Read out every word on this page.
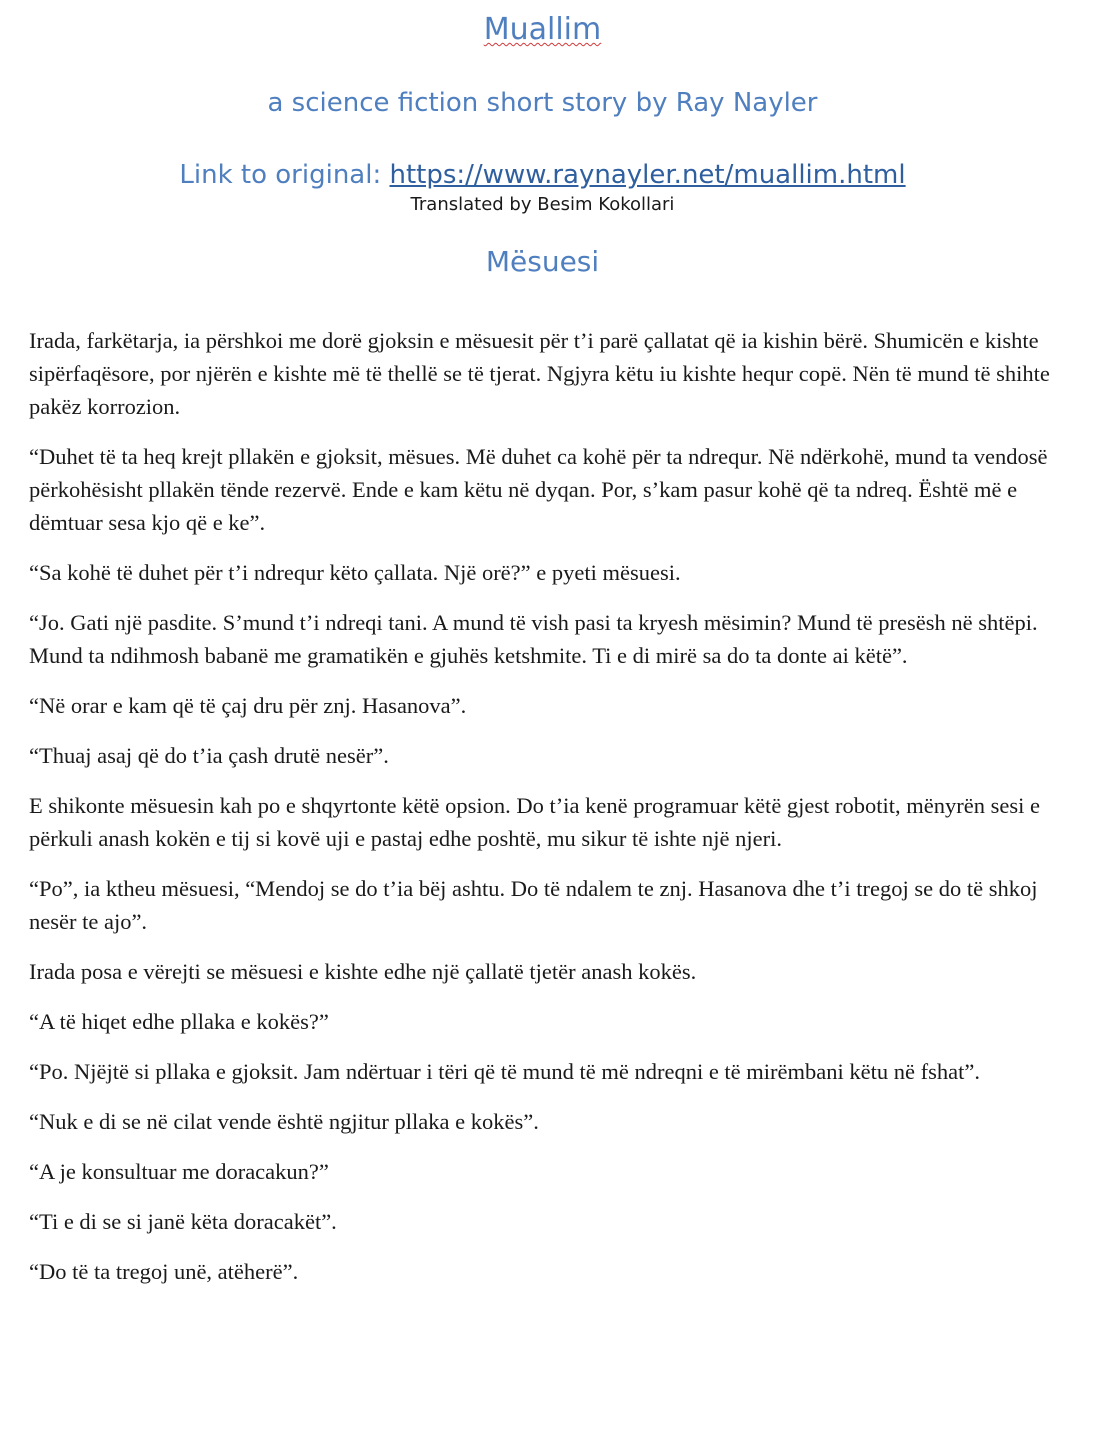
Muallim
a science fiction short story by Ray Nayler
Link to original: https://www.raynayler.net/muallim.html
Translated by Besim Kokollari
Mësuesi

Irada, farkëtarja, ia përshkoi me dorë gjoksin e mësuesit për t’i parë çallatat që ia kishin bërë. Shumicën e kishte sipërfaqësore, por njërën e kishte më të thellë se të tjerat. Ngjyra këtu iu kishte hequr copë. Nën të mund të shihte pakëz korrozion.

“Duhet të ta heq krejt pllakën e gjoksit, mësues. Më duhet ca kohë për ta ndrequr. Në ndërkohë, mund ta vendosë përkohësisht pllakën tënde rezervë. Ende e kam këtu në dyqan. Por, s’kam pasur kohë që ta ndreq. Është më e dëmtuar sesa kjo që e ke”.

“Sa kohë të duhet për t’i ndrequr këto çallata. Një orë?” e pyeti mësuesi.

“Jo. Gati një pasdite. S’mund t’i ndreqi tani. A mund të vish pasi ta kryesh mësimin? Mund të presësh në shtëpi. Mund ta ndihmosh babanë me gramatikën e gjuhës ketshmite. Ti e di mirë sa do ta donte ai këtë”.

“Në orar e kam që të çaj dru për znj. Hasanova”.

“Thuaj asaj që do t’ia çash drutë nesër”.

E shikonte mësuesin kah po e shqyrtonte këtë opsion. Do t’ia kenë programuar këtë gjest robotit, mënyrën sesi e përkuli anash kokën e tij si kovë uji e pastaj edhe poshtë, mu sikur të ishte një njeri.

“Po”, ia ktheu mësuesi, “Mendoj se do t’ia bëj ashtu. Do të ndalem te znj. Hasanova dhe t’i tregoj se do të shkoj nesër te ajo”.

Irada posa e vërejti se mësuesi e kishte edhe një çallatë tjetër anash kokës.

“A të hiqet edhe pllaka e kokës?”

“Po. Njëjtë si pllaka e gjoksit. Jam ndërtuar i tëri që të mund të më ndreqni e të mirëmbani këtu në fshat”.

“Nuk e di se në cilat vende është ngjitur pllaka e kokës”.

“A je konsultuar me doracakun?”

“Ti e di se si janë këta doracakët”.

“Do të ta tregoj unë, atëherë”.
